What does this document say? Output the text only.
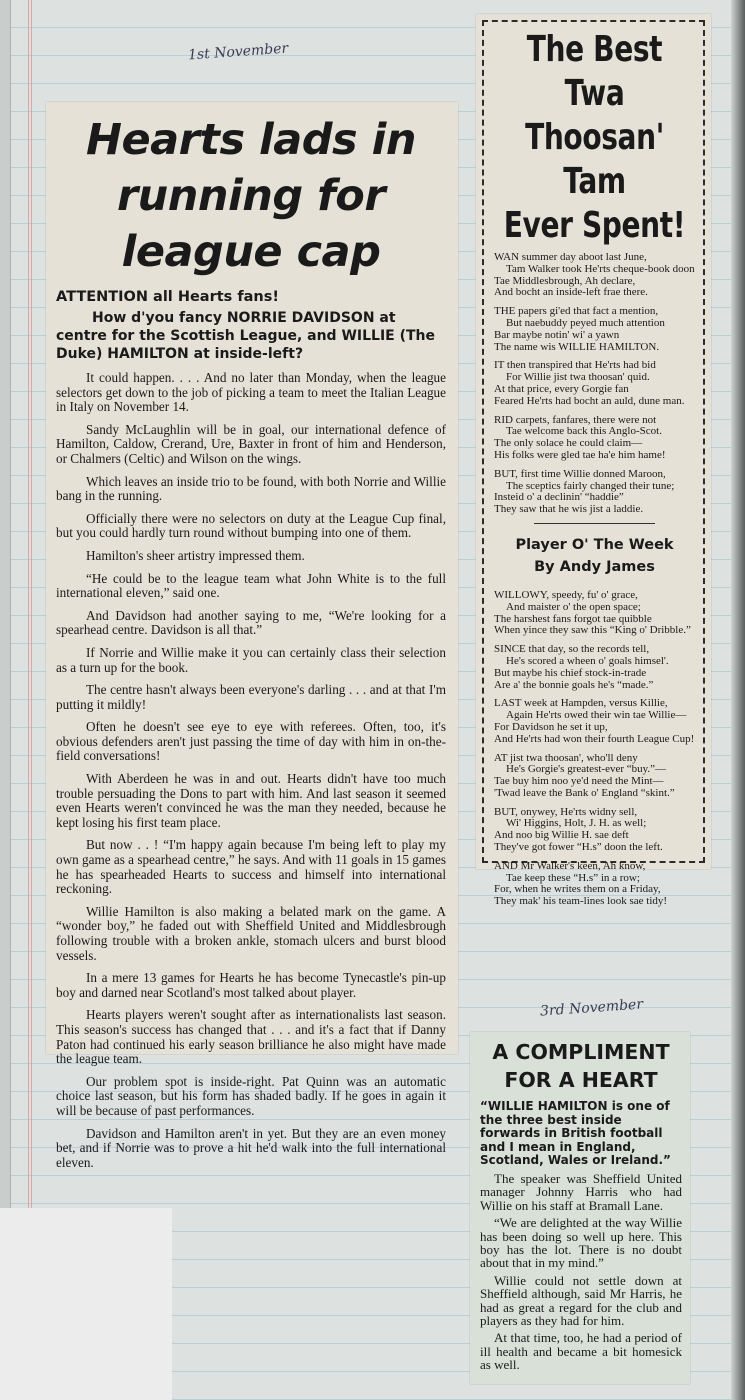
1st November
3rd November
Hearts lads in
running for
league cap
ATTENTION all Hearts fans!
How d'you fancy NORRIE DAVIDSON at centre for the Scottish League, and WILLIE (The Duke) HAMILTON at inside-left?

It could happen. . . . And no later than Monday, when the league selectors get down to the job of picking a team to meet the Italian League in Italy on November 14.

Sandy McLaughlin will be in goal, our international defence of Hamilton, Caldow, Crerand, Ure, Baxter in front of him and Henderson, or Chalmers (Celtic) and Wilson on the wings.

Which leaves an inside trio to be found, with both Norrie and Willie bang in the running.

Officially there were no selectors on duty at the League Cup final, but you could hardly turn round without bumping into one of them.

Hamilton's sheer artistry impressed them.

“He could be to the league team what John White is to the full international eleven,” said one.

And Davidson had another saying to me, “We're looking for a spearhead centre. Davidson is all that.”

If Norrie and Willie make it you can certainly class their selection as a turn up for the book.

The centre hasn't always been everyone's darling . . . and at that I'm putting it mildly!

Often he doesn't see eye to eye with referees. Often, too, it's obvious defenders aren't just passing the time of day with him in on-the-field conversations!

With Aberdeen he was in and out. Hearts didn't have too much trouble persuading the Dons to part with him. And last season it seemed even Hearts weren't convinced he was the man they needed, because he kept losing his first team place.

But now . . ! “I'm happy again because I'm being left to play my own game as a spearhead centre,” he says. And with 11 goals in 15 games he has spearheaded Hearts to success and himself into international reckoning.

Willie Hamilton is also making a belated mark on the game. A “wonder boy,” he faded out with Sheffield United and Middlesbrough following trouble with a broken ankle, stomach ulcers and burst blood vessels.

In a mere 13 games for Hearts he has become Tynecastle's pin-up boy and darned near Scotland's most talked about player.

Hearts players weren't sought after as internationalists last season. This season's success has changed that . . . and it's a fact that if Danny Paton had continued his early season brilliance he also might have made the league team.

Our problem spot is inside-right. Pat Quinn was an automatic choice last season, but his form has shaded badly. If he goes in again it will be because of past performances.

Davidson and Hamilton aren't in yet. But they are an even money bet, and if Norrie was to prove a hit he'd walk into the full international eleven.

The Best Twa
Thoosan' Tam
Ever Spent!
WAN summer day aboot last June,
Tam Walker took He'rts cheque-book doon
Tae Middlesbrough, Ah declare,
And bocht an inside-left frae there.
THE papers gi'ed that fact a mention,
But naebuddy peyed much attention
Bar maybe notin' wi' a yawn
The name wis WILLIE HAMILTON.
IT then transpired that He'rts had bid
For Willie jist twa thoosan' quid.
At that price, every Gorgie fan
Feared He'rts had bocht an auld, dune man.
RID carpets, fanfares, there were not
Tae welcome back this Anglo-Scot.
The only solace he could claim—
His folks were gled tae ha'e him hame!
BUT, first time Willie donned Maroon,
The sceptics fairly changed their tune;
Insteid o' a declinin' “haddie”
They saw that he wis jist a laddie.
Player O' The Week
By Andy James
WILLOWY, speedy, fu' o' grace,
And maister o' the open space;
The harshest fans forgot tae quibble
When yince they saw this “King o' Dribble.”
SINCE that day, so the records tell,
He's scored a wheen o' goals himsel'.
But maybe his chief stock-in-trade
Are a' the bonnie goals he's “made.”
LAST week at Hampden, versus Killie,
Again He'rts owed their win tae Willie—
For Davidson he set it up,
And He'rts had won their fourth League Cup!
AT jist twa thoosan', who'll deny
He's Gorgie's greatest-ever “buy.”—
Tae buy him noo ye'd need the Mint—
'Twad leave the Bank o' England “skint.”
BUT, onywey, He'rts widny sell,
Wi' Higgins, Holt, J. H. as well;
And noo big Willie H. sae deft
They've got fower “H.s” doon the left.
AND Mr Walker's keen, Ah know,
Tae keep these “H.s” in a row;
For, when he writes them on a Friday,
They mak' his team-lines look sae tidy!
A COMPLIMENT
FOR A HEART
“WILLIE HAMILTON is one of the three best inside forwards in British football and I mean in England, Scotland, Wales or Ireland.”

The speaker was Sheffield United manager Johnny Harris who had Willie on his staff at Bramall Lane.

“We are delighted at the way Willie has been doing so well up here. This boy has the lot. There is no doubt about that in my mind.”

Willie could not settle down at Sheffield although, said Mr Harris, he had as great a regard for the club and players as they had for him.

At that time, too, he had a period of ill health and became a bit homesick as well.
